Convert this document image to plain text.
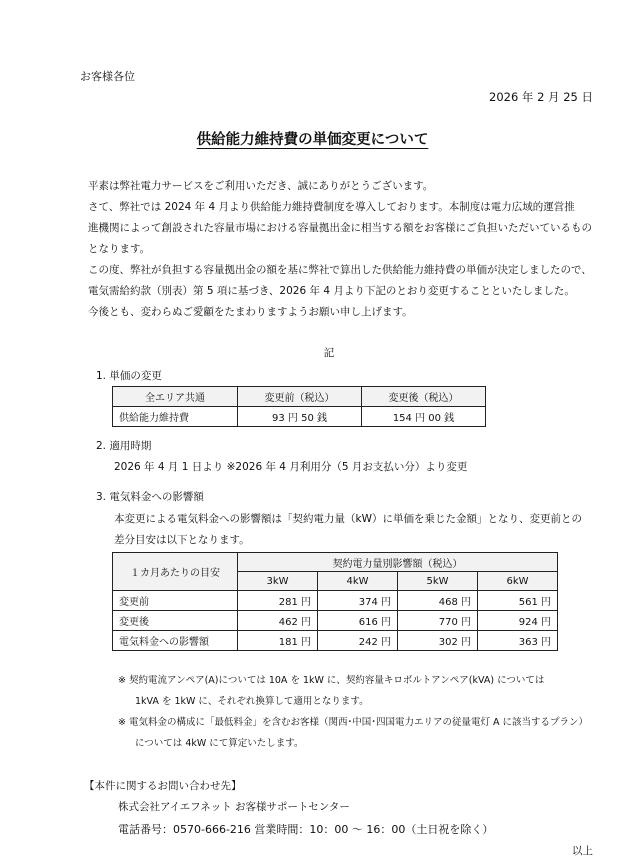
お客様各位
2026 年 2 月 25 日
供給能力維持費の単価変更について
平素は弊社電力サービスをご利用いただき、誠にありがとうございます。
さて、弊社では 2024 年 4 月より供給能力維持費制度を導入しております。本制度は電力広域的運営推
進機関によって創設された容量市場における容量拠出金に相当する額をお客様にご負担いただいているもの
となります。
この度、弊社が負担する容量拠出金の額を基に弊社で算出した供給能力維持費の単価が決定しましたので、
電気需給約款（別表）第 5 項に基づき、2026 年 4 月より下記のとおり変更することといたしました。
今後とも、変わらぬご愛顧をたまわりますようお願い申し上げます。
記
1. 単価の変更
全エリア共通	変更前（税込）	変更後（税込）
供給能力維持費	93 円 50 銭	154 円 00 銭
2. 適用時期
2026 年 4 月 1 日より ※2026 年 4 月利用分（5 月お支払い分）より変更
3. 電気料金への影響額
本変更による電気料金への影響額は「契約電力量（kW）に単価を乗じた金額」となり、変更前との
差分目安は以下となります。
１カ月あたりの目安	契約電力量別影響額（税込）			
	3kW	4kW	5kW	6kW
変更前	281 円	374 円	468 円	561 円
変更後	462 円	616 円	770 円	924 円
電気料金への影響額	181 円	242 円	302 円	363 円
※ 契約電流アンペア(A)については 10A を 1kW に、契約容量キロボルトアンペア(kVA) については
1kVA を 1kW に、それぞれ換算して適用となります。
※ 電気料金の構成に「最低料金」を含むお客様（関西･中国･四国電力エリアの従量電灯 A に該当するプラン）
については 4kW にて算定いたします。
【本件に関するお問い合わせ先】
株式会社アイエフネット お客様サポートセンター
電話番号：0570-666-216 営業時間：10：00 ～ 16：00（土日祝を除く）
以上
